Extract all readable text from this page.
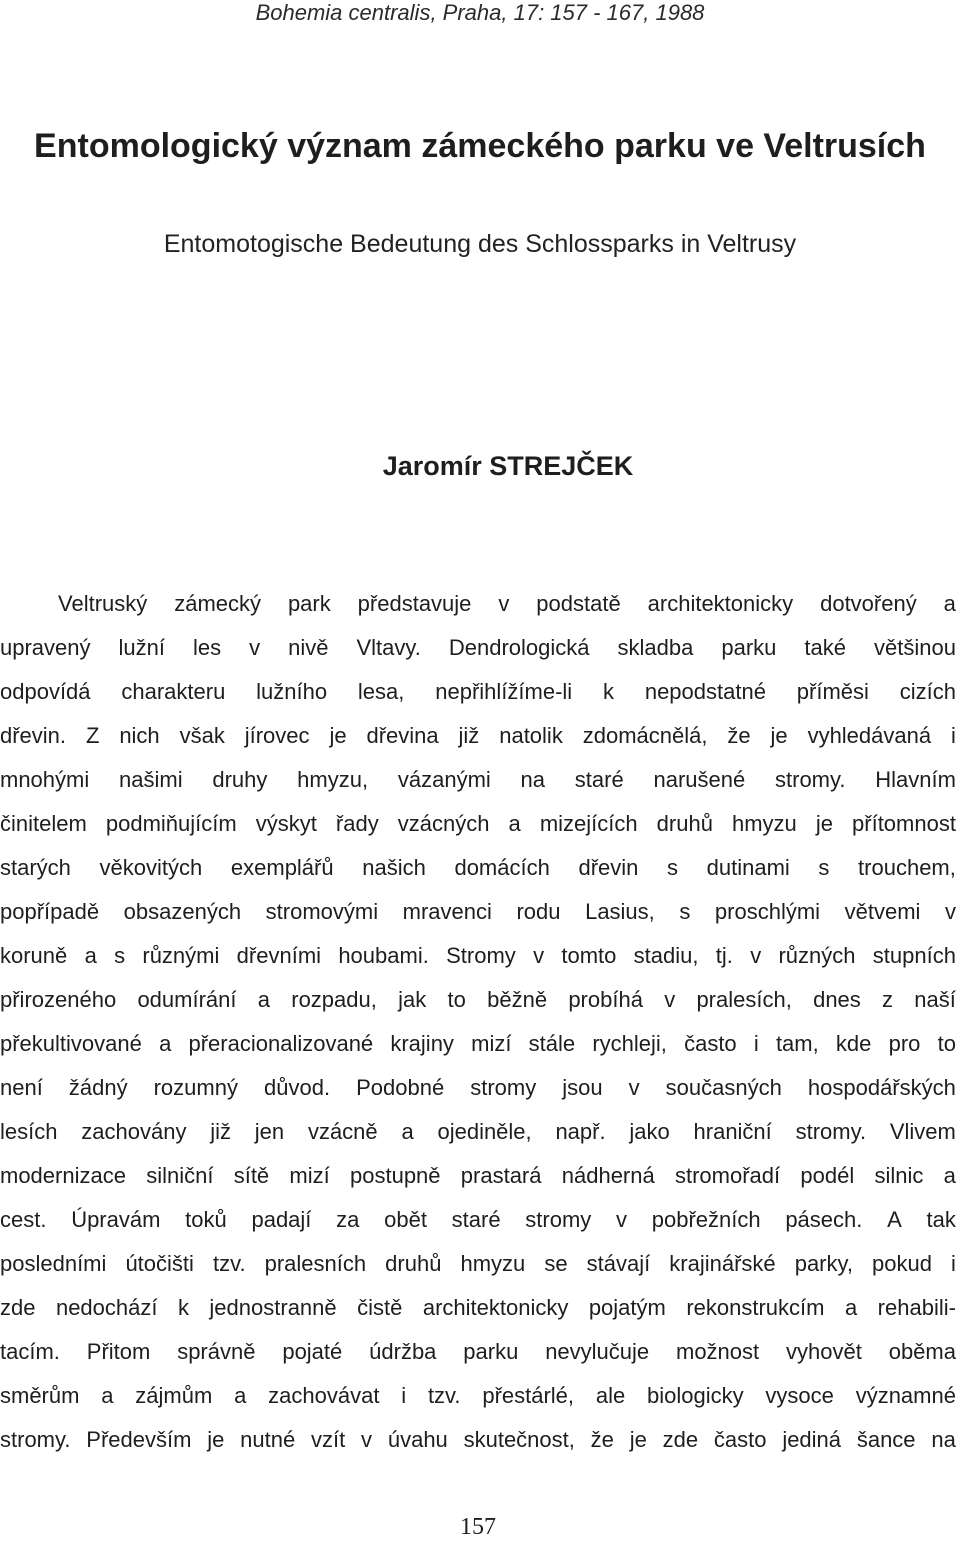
Bohemia centralis, Praha, 17: 157 - 167, 1988
Entomologický význam zámeckého parku ve Veltrusích
Entomotogische Bedeutung des Schlossparks in Veltrusy
Jaromír STREJČEK
Veltruský zámecký park představuje v podstatě architektonicky dotvořený a
upravený lužní les v nivě Vltavy. Dendrologická skladba parku také většinou
odpovídá charakteru lužního lesa, nepřihlížíme-li k nepodstatné příměsi cizích
dřevin. Z nich však jírovec je dřevina již natolik zdomácnělá, že je vyhledávaná i
mnohými našimi druhy hmyzu, vázanými na staré narušené stromy. Hlavním
činitelem podmiňujícím výskyt řady vzácných a mizejících druhů hmyzu je přítomnost
starých věkovitých exemplářů našich domácích dřevin s dutinami s trouchem,
popřípadě obsazených stromovými mravenci rodu Lasius, s proschlými větvemi v
koruně a s různými dřevními houbami. Stromy v tomto stadiu, tj. v různých stupních
přirozeného odumírání a rozpadu, jak to běžně probíhá v pralesích, dnes z naší
překultivované a přeracionalizované krajiny mizí stále rychleji, často i tam, kde pro to
není žádný rozumný důvod. Podobné stromy jsou v současných hospodářských
lesích zachovány již jen vzácně a ojediněle, např. jako hraniční stromy. Vlivem
modernizace silniční sítě mizí postupně prastará nádherná stromořadí podél silnic a
cest. Úpravám toků padají za obět staré stromy v pobřežních pásech. A tak
posledními útočišti tzv. pralesních druhů hmyzu se stávají krajinářské parky, pokud i
zde nedochází k jednostranně čistě architektonicky pojatým rekonstrukcím a rehabili-
tacím. Přitom správně pojaté údržba parku nevylučuje možnost vyhovět oběma
směrům a zájmům a zachovávat i tzv. přestárlé, ale biologicky vysoce významné
stromy. Především je nutné vzít v úvahu skutečnost, že je zde často jediná šance na
157
